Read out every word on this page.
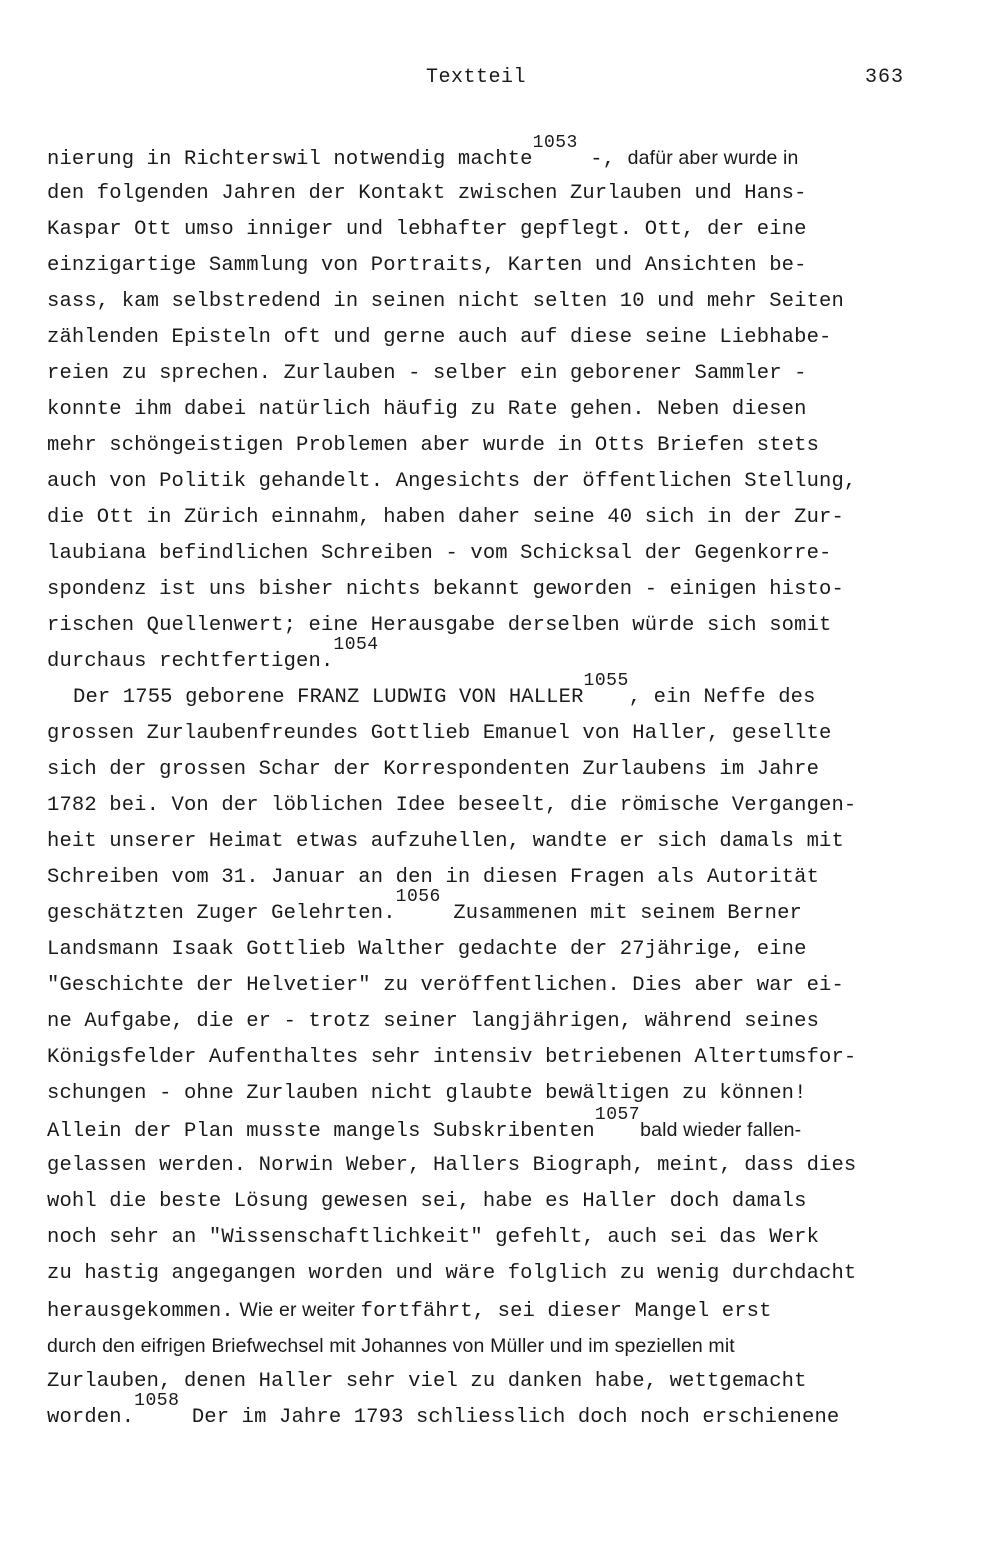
Textteil	363
nierung in Richterswil notwendig machte1053 -, dafür aber wurde in
den folgenden Jahren der Kontakt zwischen Zurlauben und Hans-
Kaspar Ott umso inniger und lebhafter gepflegt. Ott, der eine
einzigartige Sammlung von Portraits, Karten und Ansichten be-
sass, kam selbstredend in seinen nicht selten 10 und mehr Seiten
zählenden Episteln oft und gerne auch auf diese seine Liebhabe-
reien zu sprechen. Zurlauben - selber ein geborener Sammler -
konnte ihm dabei natürlich häufig zu Rate gehen. Neben diesen
mehr schöngeistigen Problemen aber wurde in Otts Briefen stets
auch von Politik gehandelt. Angesichts der öffentlichen Stellung,
die Ott in Zürich einnahm, haben daher seine 40 sich in der Zur-
laubiana befindlichen Schreiben - vom Schicksal der Gegenkorre-
spondenz ist uns bisher nichts bekannt geworden - einigen histo-
rischen Quellenwert; eine Herausgabe derselben würde sich somit
durchaus rechtfertigen.1054
Der 1755 geborene FRANZ LUDWIG VON HALLER1055, ein Neffe des
grossen Zurlaubenfreundes Gottlieb Emanuel von Haller, gesellte
sich der grossen Schar der Korrespondenten Zurlaubens im Jahre
1782 bei. Von der löblichen Idee beseelt, die römische Vergangen-
heit unserer Heimat etwas aufzuhellen, wandte er sich damals mit
Schreiben vom 31. Januar an den in diesen Fragen als Autorität
geschätzten Zuger Gelehrten.1056 Zusammenen mit seinem Berner
Landsmann Isaak Gottlieb Walther gedachte der 27jährige, eine
"Geschichte der Helvetier" zu veröffentlichen. Dies aber war ei-
ne Aufgabe, die er - trotz seiner langjährigen, während seines
Königsfelder Aufenthaltes sehr intensiv betriebenen Altertumsfor-
schungen - ohne Zurlauben nicht glaubte bewältigen zu können!
Allein der Plan musste mangels Subskribenten1057bald wieder fallen-
gelassen werden. Norwin Weber, Hallers Biograph, meint, dass dies
wohl die beste Lösung gewesen sei, habe es Haller doch damals
noch sehr an "Wissenschaftlichkeit" gefehlt, auch sei das Werk
zu hastig angegangen worden und wäre folglich zu wenig durchdacht
herausgekommen. Wie er weiter fortfährt, sei dieser Mangel erst
durch den eifrigen Briefwechsel mit Johannes von Müller und im speziellen mit
Zurlauben, denen Haller sehr viel zu danken habe, wettgemacht
worden.1058 Der im Jahre 1793 schliesslich doch noch erschienene
